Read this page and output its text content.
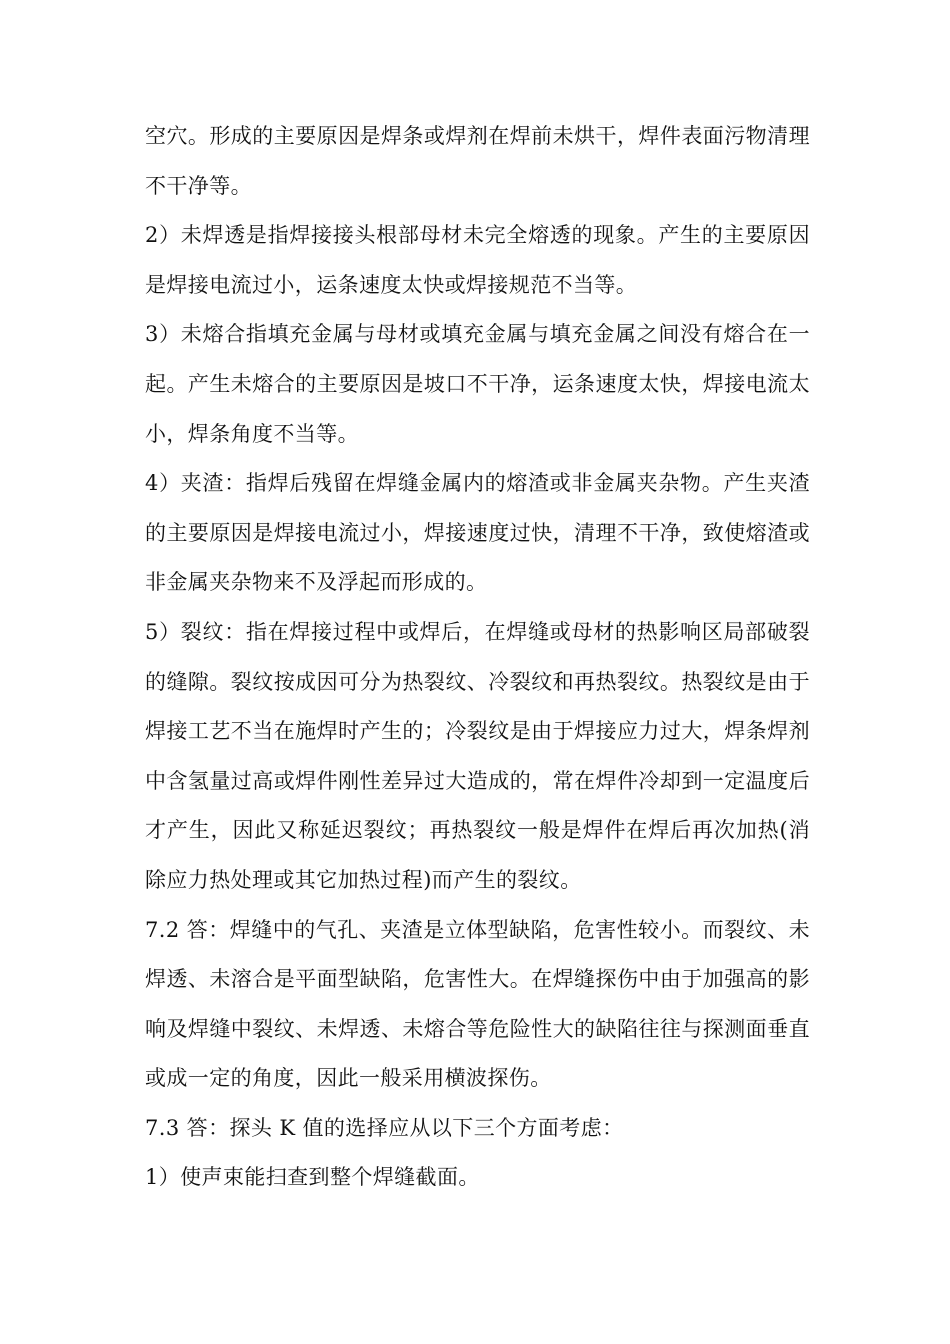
空穴。形成的主要原因是焊条或焊剂在焊前未烘干，焊件表面污物清理不干净等。

2）未焊透是指焊接接头根部母材未完全熔透的现象。产生的主要原因是焊接电流过小，运条速度太快或焊接规范不当等。

3）未熔合指填充金属与母材或填充金属与填充金属之间没有熔合在一起。产生未熔合的主要原因是坡口不干净，运条速度太快，焊接电流太小，焊条角度不当等。

4）夹渣：指焊后残留在焊缝金属内的熔渣或非金属夹杂物。产生夹渣的主要原因是焊接电流过小，焊接速度过快，清理不干净，致使熔渣或非金属夹杂物来不及浮起而形成的。

5）裂纹：指在焊接过程中或焊后，在焊缝或母材的热影响区局部破裂的缝隙。裂纹按成因可分为热裂纹、冷裂纹和再热裂纹。热裂纹是由于焊接工艺不当在施焊时产生的；冷裂纹是由于焊接应力过大，焊条焊剂中含氢量过高或焊件刚性差异过大造成的，常在焊件冷却到一定温度后才产生，因此又称延迟裂纹；再热裂纹一般是焊件在焊后再次加热(消除应力热处理或其它加热过程)而产生的裂纹。

7.2 答：焊缝中的气孔、夹渣是立体型缺陷，危害性较小。而裂纹、未焊透、未溶合是平面型缺陷，危害性大。在焊缝探伤中由于加强高的影响及焊缝中裂纹、未焊透、未熔合等危险性大的缺陷往往与探测面垂直或成一定的角度，因此一般采用横波探伤。

7.3 答：探头 K 值的选择应从以下三个方面考虑：

1）使声束能扫查到整个焊缝截面。
